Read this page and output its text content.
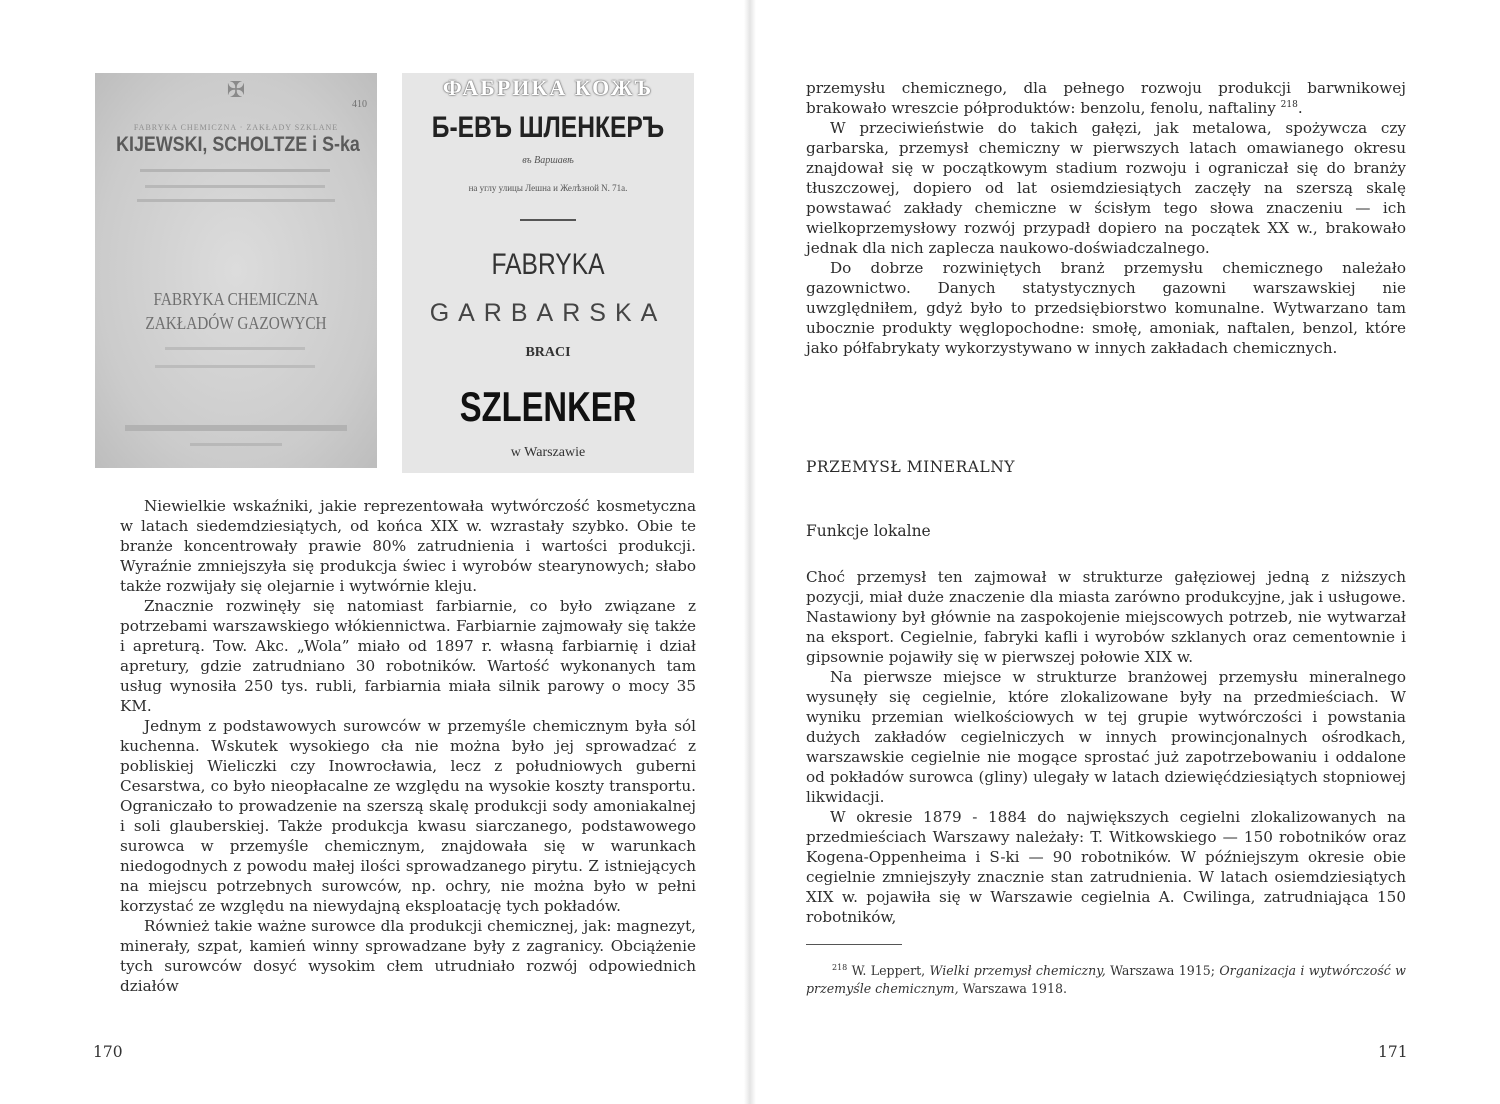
✠
410
FABRYKA CHEMICZNA · ZAKŁADY SZKLANE
KIJEWSKI, SCHOLTZE i S-ka
FABRYKA CHEMICZNA
ZAKŁADÓW GAZOWYCH
ФАБРИКА КОЖЪ
Б-ЕВЪ ШЛЕНКЕРЪ
въ Варшавѣ
на углу улицы Лешна и Желѣзной N. 71a.
FABRYKA
GARBARSKA
BRACI
SZLENKER
w Warszawie

Niewielkie wskaźniki, jakie reprezentowała wytwórczość kosmetyczna w latach siedemdziesiątych, od końca XIX w. wzrastały szybko. Obie te branże koncentrowały prawie 80% zatrudnienia i wartości produkcji. Wyraźnie zmniejszyła się produkcja świec i wyrobów stearynowych; słabo także rozwijały się olejarnie i wytwórnie kleju.

Znacznie rozwinęły się natomiast farbiarnie, co było związane z potrzebami warszawskiego włókiennictwa. Farbiarnie zajmowały się także i apreturą. Tow. Akc. „Wola” miało od 1897 r. własną farbiarnię i dział apretury, gdzie zatrudniano 30 robotników. Wartość wykonanych tam usług wynosiła 250 tys. rubli, farbiarnia miała silnik parowy o mocy 35 KM.

Jednym z podstawowych surowców w przemyśle chemicznym była sól kuchenna. Wskutek wysokiego cła nie można było jej sprowadzać z pobliskiej Wieliczki czy Inowrocławia, lecz z południowych guberni Cesarstwa, co było nieopłacalne ze względu na wysokie koszty transportu. Ograniczało to prowadzenie na szerszą skalę produkcji sody amoniakalnej i soli glauberskiej. Także produkcja kwasu siarczanego, podstawowego surowca w przemyśle chemicznym, znajdowała się w warunkach niedogodnych z powodu małej ilości sprowadzanego pirytu. Z istniejących na miejscu potrzebnych surowców, np. ochry, nie można było w pełni korzystać ze względu na niewydajną eksploatację tych pokładów.

Również takie ważne surowce dla produkcji chemicznej, jak: magnezyt, minerały, szpat, kamień winny sprowadzane były z zagranicy. Obciążenie tych surowców dosyć wysokim cłem utrudniało rozwój odpowiednich działów

170

przemysłu chemicznego, dla pełnego rozwoju produkcji barwnikowej brakowało wreszcie półproduktów: benzolu, fenolu, naftaliny $^{218}$.

W przeciwieństwie do takich gałęzi, jak metalowa, spożywcza czy garbarska, przemysł chemiczny w pierwszych latach omawianego okresu znajdował się w początkowym stadium rozwoju i ograniczał się do branży tłuszczowej, dopiero od lat osiemdziesiątych zaczęły na szerszą skalę powstawać zakłady chemiczne w ścisłym tego słowa znaczeniu — ich wielkoprzemysłowy rozwój przypadł dopiero na początek XX w., brakowało jednak dla nich zaplecza naukowo-doświadczalnego.

Do dobrze rozwiniętych branż przemysłu chemicznego należało gazownictwo. Danych statystycznych gazowni warszawskiej nie uwzględniłem, gdyż było to przedsiębiorstwo komunalne. Wytwarzano tam ubocznie produkty węglopochodne: smołę, amoniak, naftalen, benzol, które jako półfabrykaty wykorzystywano w innych zakładach chemicznych.

PRZEMYSŁ MINERALNY
Funkcje lokalne

Choć przemysł ten zajmował w strukturze gałęziowej jedną z niższych pozycji, miał duże znaczenie dla miasta zarówno produkcyjne, jak i usługowe. Nastawiony był głównie na zaspokojenie miejscowych potrzeb, nie wytwarzał na eksport. Cegielnie, fabryki kafli i wyrobów szklanych oraz cementownie i gipsownie pojawiły się w pierwszej połowie XIX w.

Na pierwsze miejsce w strukturze branżowej przemysłu mineralnego wysunęły się cegielnie, które zlokalizowane były na przedmieściach. W wyniku przemian wielkościowych w tej grupie wytwórczości i powstania dużych zakładów cegielniczych w innych prowincjonalnych ośrodkach, warszawskie cegielnie nie mogące sprostać już zapotrzebowaniu i oddalone od pokładów surowca (gliny) ulegały w latach dziewięćdziesiątych stopniowej likwidacji.

W okresie 1879 - 1884 do największych cegielni zlokalizowanych na przedmieściach Warszawy należały: T. Witkowskiego — 150 robotników oraz Kogena-Oppenheima i S-ki — 90 robotników. W późniejszym okresie obie cegielnie zmniejszyły znacznie stan zatrudnienia. W latach osiemdziesiątych XIX w. pojawiła się w Warszawie cegielnia A. Cwilinga, zatrudniająca 150 robotników,

$^{218}$ W. Leppert, Wielki przemysł chemiczny, Warszawa 1915; Organizacja i wytwórczość w przemyśle chemicznym, Warszawa 1918.

171
